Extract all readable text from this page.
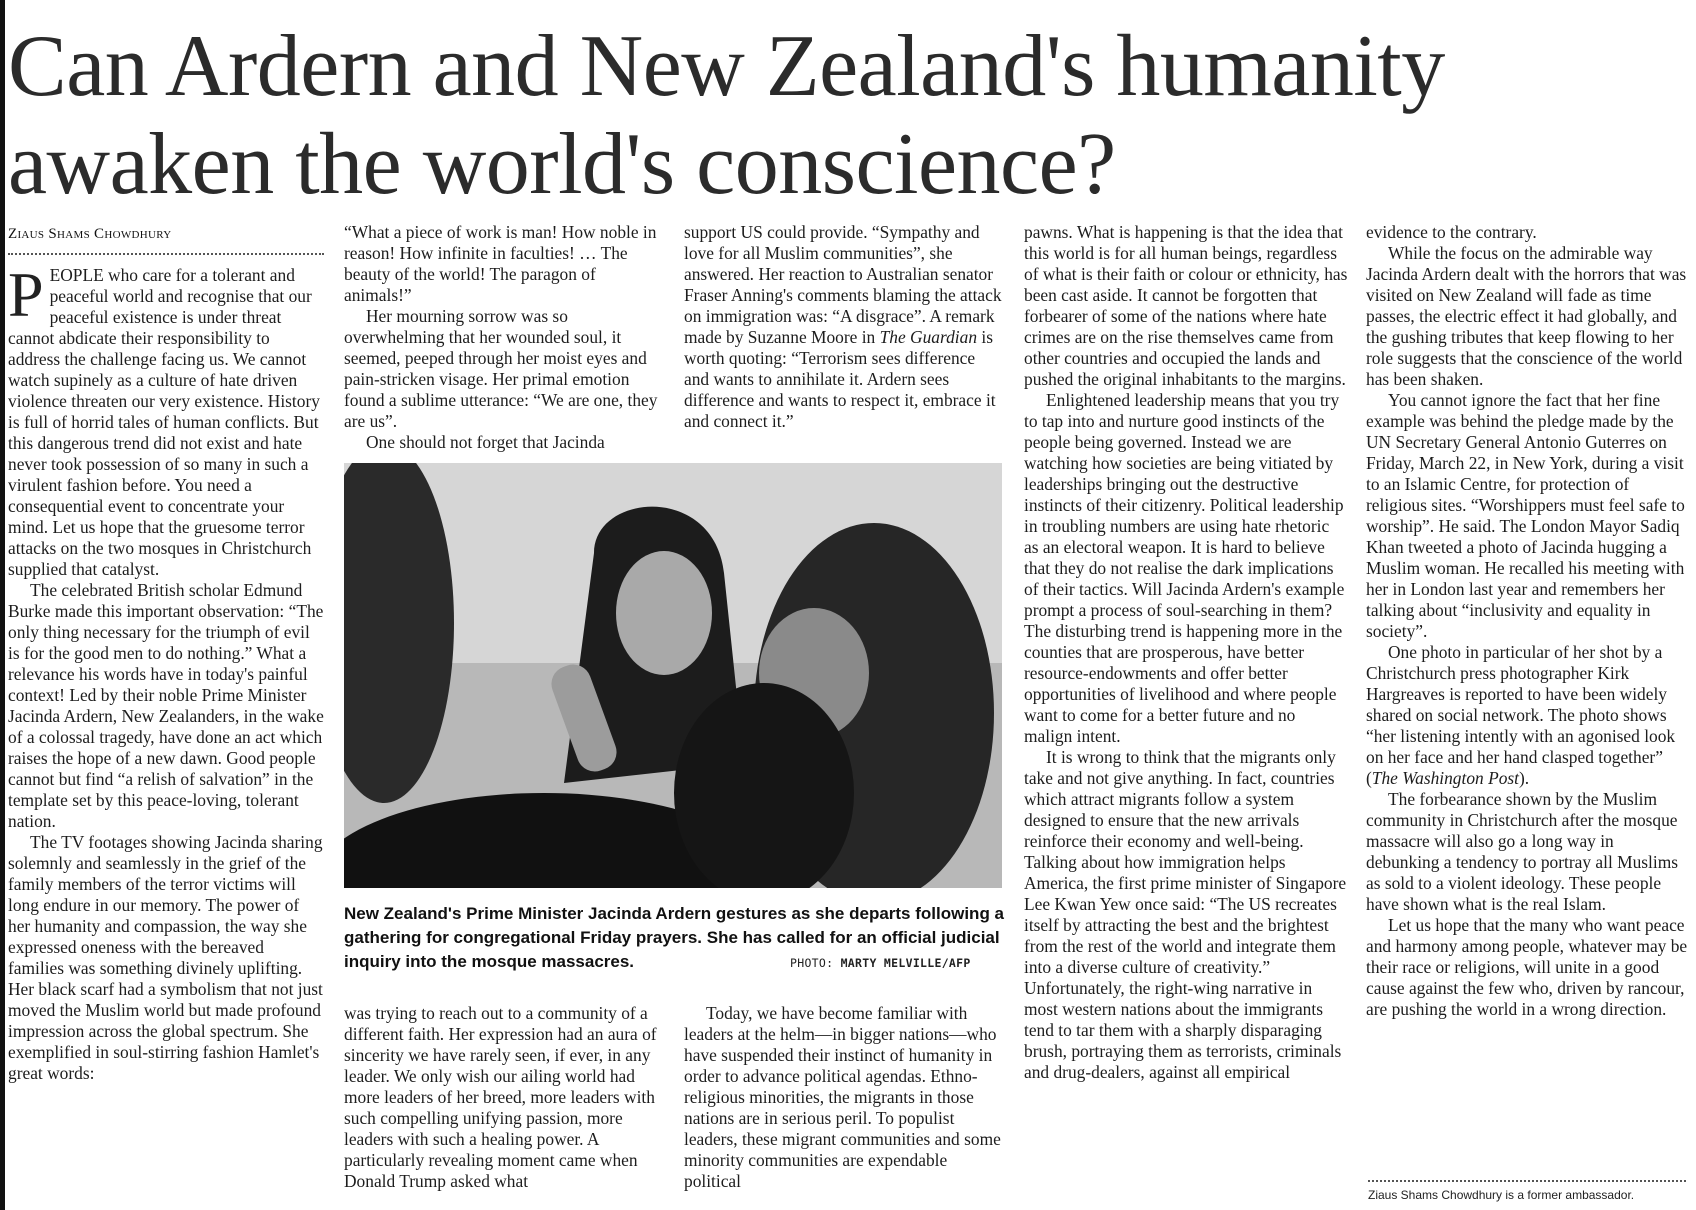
Can Ardern and New Zealand's humanity awaken the world's conscience?
Ziaus Shams Chowdhury

PEOPLE who care for a tolerant and peaceful world and recognise that our peaceful existence is under threat cannot abdicate their responsibility to address the challenge facing us. We cannot watch supinely as a culture of hate driven violence threaten our very existence. History is full of horrid tales of human conflicts. But this dangerous trend did not exist and hate never took possession of so many in such a virulent fashion before. You need a consequential event to concentrate your mind. Let us hope that the gruesome terror attacks on the two mosques in Christchurch supplied that catalyst.

The celebrated British scholar Edmund Burke made this important observation: “The only thing necessary for the triumph of evil is for the good men to do nothing.” What a relevance his words have in today's painful context! Led by their noble Prime Minister Jacinda Ardern, New Zealanders, in the wake of a colossal tragedy, have done an act which raises the hope of a new dawn. Good people cannot but find “a relish of salvation” in the template set by this peace-loving, tolerant nation.

The TV footages showing Jacinda sharing solemnly and seamlessly in the grief of the family members of the terror victims will long endure in our memory. The power of her humanity and compassion, the way she expressed oneness with the bereaved families was something divinely uplifting. Her black scarf had a symbolism that not just moved the Muslim world but made profound impression across the global spectrum. She exemplified in soul-stirring fashion Hamlet's great words:

“What a piece of work is man! How noble in reason! How infinite in faculties! … The beauty of the world! The paragon of animals!”

Her mourning sorrow was so overwhelming that her wounded soul, it seemed, peeped through her moist eyes and pain-stricken visage. Her primal emotion found a sublime utterance: “We are one, they are us”.

One should not forget that Jacinda

support US could provide. “Sympathy and love for all Muslim communities”, she answered. Her reaction to Australian senator Fraser Anning's comments blaming the attack on immigration was: “A disgrace”. A remark made by Suzanne Moore in The Guardian is worth quoting: “Terrorism sees difference and wants to annihilate it. Ardern sees difference and wants to respect it, embrace it and connect it.”

New Zealand's Prime Minister Jacinda Ardern gestures as she departs following a gathering for congregational Friday prayers. She has called for an official judicial inquiry into the mosque massacres.	PHOTO: MARTY MELVILLE/AFP

was trying to reach out to a community of a different faith. Her expression had an aura of sincerity we have rarely seen, if ever, in any leader. We only wish our ailing world had more leaders of her breed, more leaders with such compelling unifying passion, more leaders with such a healing power. A particularly revealing moment came when Donald Trump asked what

Today, we have become familiar with leaders at the helm—in bigger nations—who have suspended their instinct of humanity in order to advance political agendas. Ethno-religious minorities, the migrants in those nations are in serious peril. To populist leaders, these migrant communities and some minority communities are expendable political

pawns. What is happening is that the idea that this world is for all human beings, regardless of what is their faith or colour or ethnicity, has been cast aside. It cannot be forgotten that forbearer of some of the nations where hate crimes are on the rise themselves came from other countries and occupied the lands and pushed the original inhabitants to the margins.

Enlightened leadership means that you try to tap into and nurture good instincts of the people being governed. Instead we are watching how societies are being vitiated by leaderships bringing out the destructive instincts of their citizenry. Political leadership in troubling numbers are using hate rhetoric as an electoral weapon. It is hard to believe that they do not realise the dark implications of their tactics. Will Jacinda Ardern's example prompt a process of soul-searching in them? The disturbing trend is happening more in the counties that are prosperous, have better resource-endowments and offer better opportunities of livelihood and where people want to come for a better future and no malign intent.

It is wrong to think that the migrants only take and not give anything. In fact, countries which attract migrants follow a system designed to ensure that the new arrivals reinforce their economy and well-being. Talking about how immigration helps America, the first prime minister of Singapore Lee Kwan Yew once said: “The US recreates itself by attracting the best and the brightest from the rest of the world and integrate them into a diverse culture of creativity.” Unfortunately, the right-wing narrative in most western nations about the immigrants tend to tar them with a sharply disparaging brush, portraying them as terrorists, criminals and drug-dealers, against all empirical

evidence to the contrary.

While the focus on the admirable way Jacinda Ardern dealt with the horrors that was visited on New Zealand will fade as time passes, the electric effect it had globally, and the gushing tributes that keep flowing to her role suggests that the conscience of the world has been shaken.

You cannot ignore the fact that her fine example was behind the pledge made by the UN Secretary General Antonio Guterres on Friday, March 22, in New York, during a visit to an Islamic Centre, for protection of religious sites. “Worshippers must feel safe to worship”. He said. The London Mayor Sadiq Khan tweeted a photo of Jacinda hugging a Muslim woman. He recalled his meeting with her in London last year and remembers her talking about “inclusivity and equality in society”.

One photo in particular of her shot by a Christchurch press photographer Kirk Hargreaves is reported to have been widely shared on social network. The photo shows “her listening intently with an agonised look on her face and her hand clasped together” (The Washington Post).

The forbearance shown by the Muslim community in Christchurch after the mosque massacre will also go a long way in debunking a tendency to portray all Muslims as sold to a violent ideology. These people have shown what is the real Islam.

Let us hope that the many who want peace and harmony among people, whatever may be their race or religions, will unite in a good cause against the few who, driven by rancour, are pushing the world in a wrong direction.

Ziaus Shams Chowdhury is a former ambassador.
